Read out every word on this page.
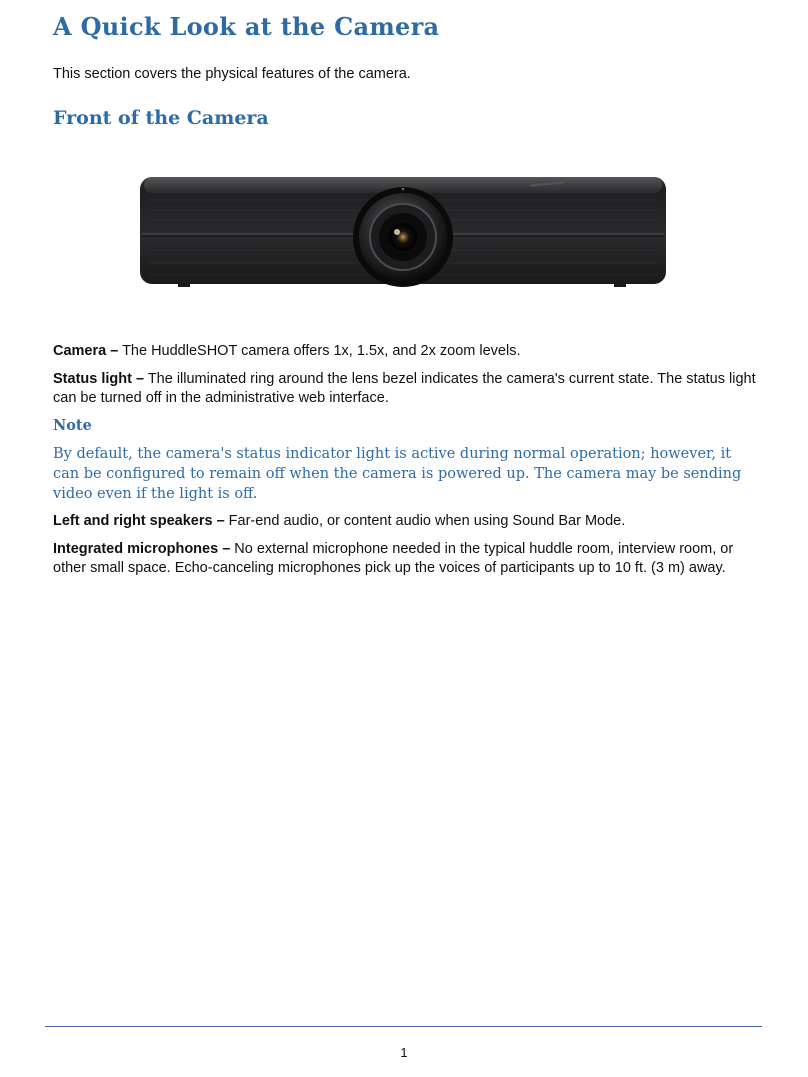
A Quick Look at the Camera

This section covers the physical features of the camera.

Front of the Camera

Camera – The HuddleSHOT camera offers 1x, 1.5x, and 2x zoom levels.

Status light – The illuminated ring around the lens bezel indicates the camera's current state. The status light can be turned off in the administrative web interface.

Note

By default, the camera's status indicator light is active during normal operation; however, it can be configured to remain off when the camera is powered up. The camera may be sending video even if the light is off.

Left and right speakers – Far-end audio, or content audio when using Sound Bar Mode.

Integrated microphones – No external microphone needed in the typical huddle room, interview room, or other small space. Echo-canceling microphones pick up the voices of participants up to 10 ft. (3 m) away.

1
